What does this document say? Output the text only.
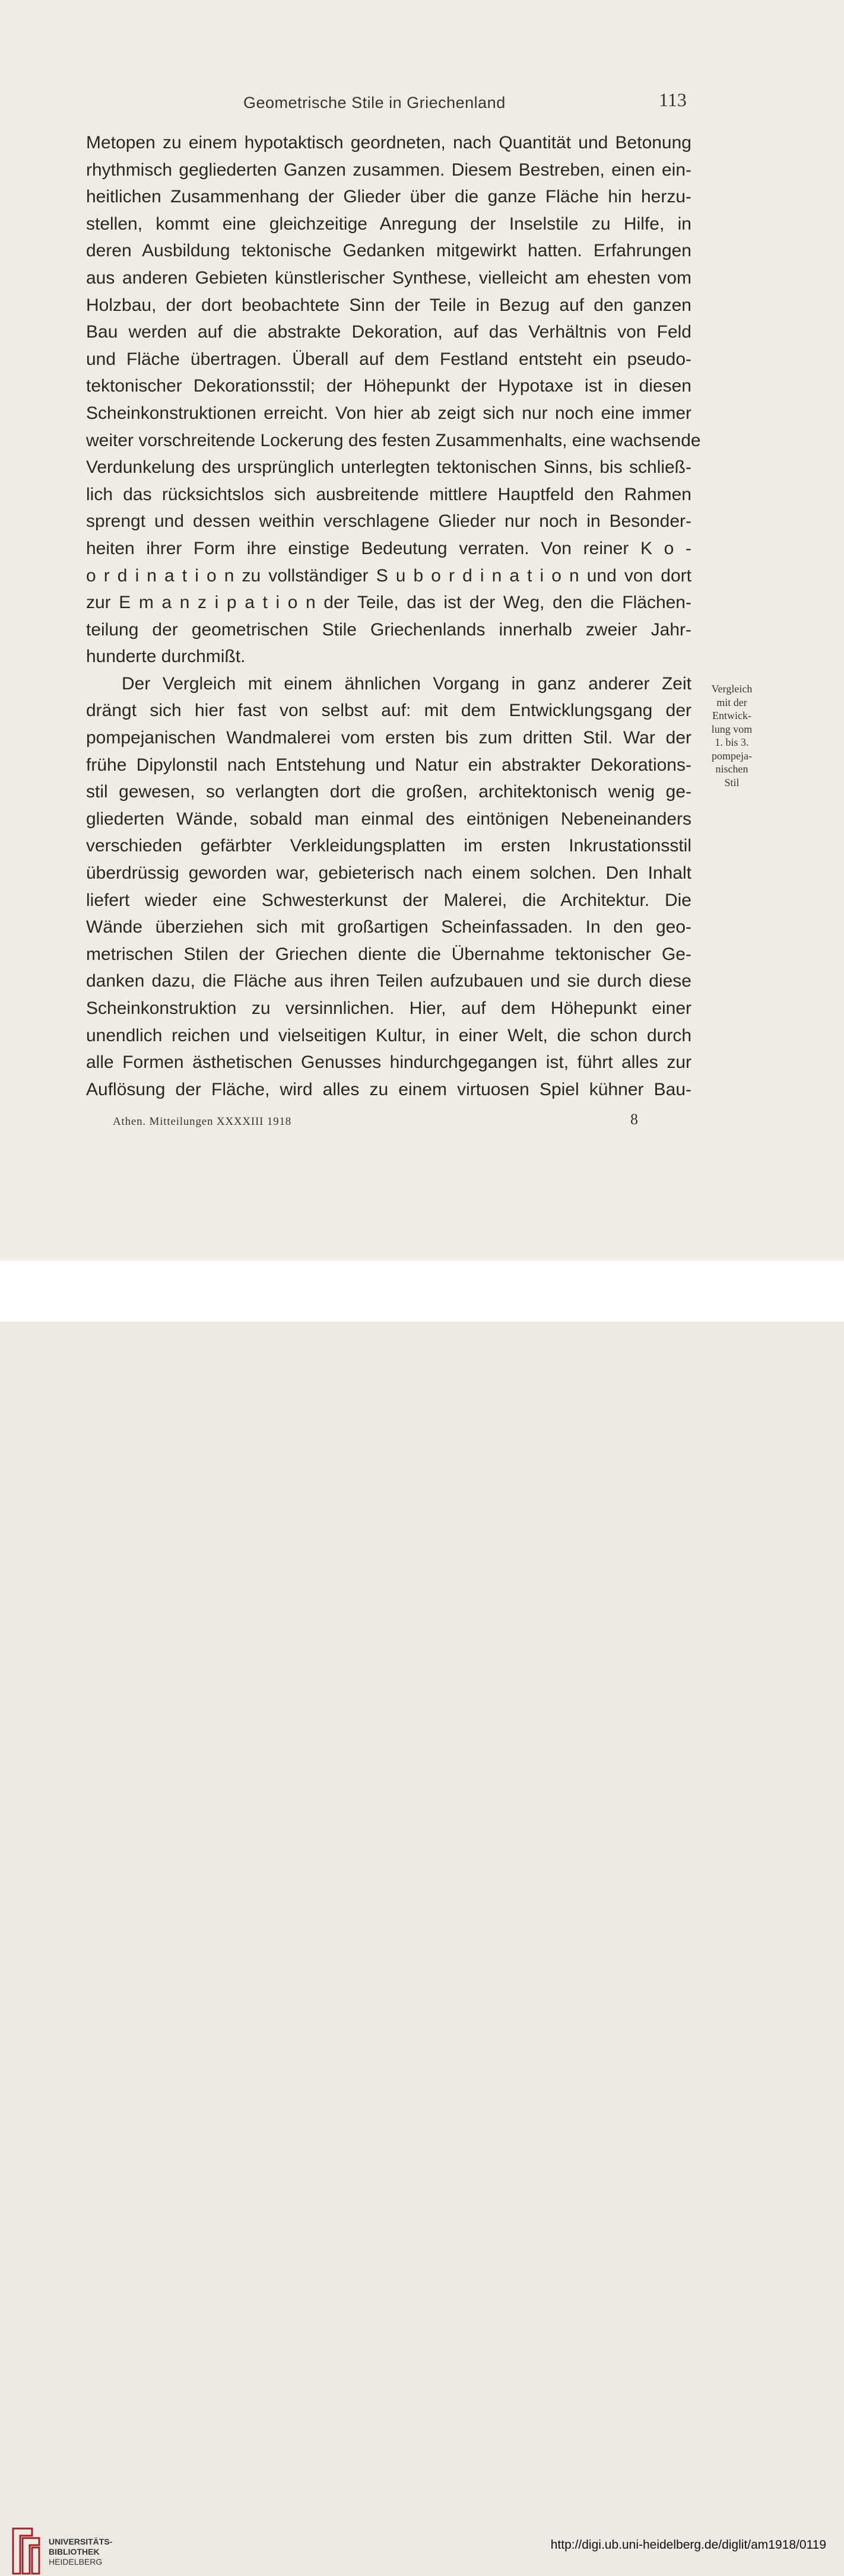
Geometrische Stile in Griechenland	113
Metopen zu einem hypotaktisch geordneten, nach Quantität und Betonung
rhythmisch gegliederten Ganzen zusammen. Diesem Bestreben, einen ein-
heitlichen Zusammenhang der Glieder über die ganze Fläche hin herzu-
stellen, kommt eine gleichzeitige Anregung der Inselstile zu Hilfe, in
deren Ausbildung tektonische Gedanken mitgewirkt hatten. Erfahrungen
aus anderen Gebieten künstlerischer Synthese, vielleicht am ehesten vom
Holzbau, der dort beobachtete Sinn der Teile in Bezug auf den ganzen
Bau werden auf die abstrakte Dekoration, auf das Verhältnis von Feld
und Fläche übertragen. Überall auf dem Festland entsteht ein pseudo-
tektonischer Dekorationsstil; der Höhepunkt der Hypotaxe ist in diesen
Scheinkonstruktionen erreicht. Von hier ab zeigt sich nur noch eine immer
weiter vorschreitende Lockerung des festen Zusammenhalts, eine wachsende
Verdunkelung des ursprünglich unterlegten tektonischen Sinns, bis schließ-
lich das rücksichtslos sich ausbreitende mittlere Hauptfeld den Rahmen
sprengt und dessen weithin verschlagene Glieder nur noch in Besonder-
heiten ihrer Form ihre einstige Bedeutung verraten. Von reiner K o -
o r d i n a t i o n zu vollständiger S u b o r d i n a t i o n und von dort
zur E m a n z i p a t i o n der Teile, das ist der Weg, den die Flächen-
teilung der geometrischen Stile Griechenlands innerhalb zweier Jahr-
hunderte durchmißt.
Der Vergleich mit einem ähnlichen Vorgang in ganz anderer Zeit
drängt sich hier fast von selbst auf: mit dem Entwicklungsgang der
pompejanischen Wandmalerei vom ersten bis zum dritten Stil. War der
frühe Dipylonstil nach Entstehung und Natur ein abstrakter Dekorations-
stil gewesen, so verlangten dort die großen, architektonisch wenig ge-
gliederten Wände, sobald man einmal des eintönigen Nebeneinanders
verschieden gefärbter Verkleidungsplatten im ersten Inkrustationsstil
überdrüssig geworden war, gebieterisch nach einem solchen. Den Inhalt
liefert wieder eine Schwesterkunst der Malerei, die Architektur. Die
Wände überziehen sich mit großartigen Scheinfassaden. In den geo-
metrischen Stilen der Griechen diente die Übernahme tektonischer Ge-
danken dazu, die Fläche aus ihren Teilen aufzubauen und sie durch diese
Scheinkonstruktion zu versinnlichen. Hier, auf dem Höhepunkt einer
unendlich reichen und vielseitigen Kultur, in einer Welt, die schon durch
alle Formen ästhetischen Genusses hindurchgegangen ist, führt alles zur
Auflösung der Fläche, wird alles zu einem virtuosen Spiel kühner Bau-
Vergleich
mit der
Entwick-
lung vom
1. bis 3.
pompeja-
nischen
Stil
Athen. Mitteilungen XXXXIII 1918	8
UNIVERSITÄTS-
BIBLIOTHEK
HEIDELBERG
http://digi.ub.uni-heidelberg.de/diglit/am1918/0119
